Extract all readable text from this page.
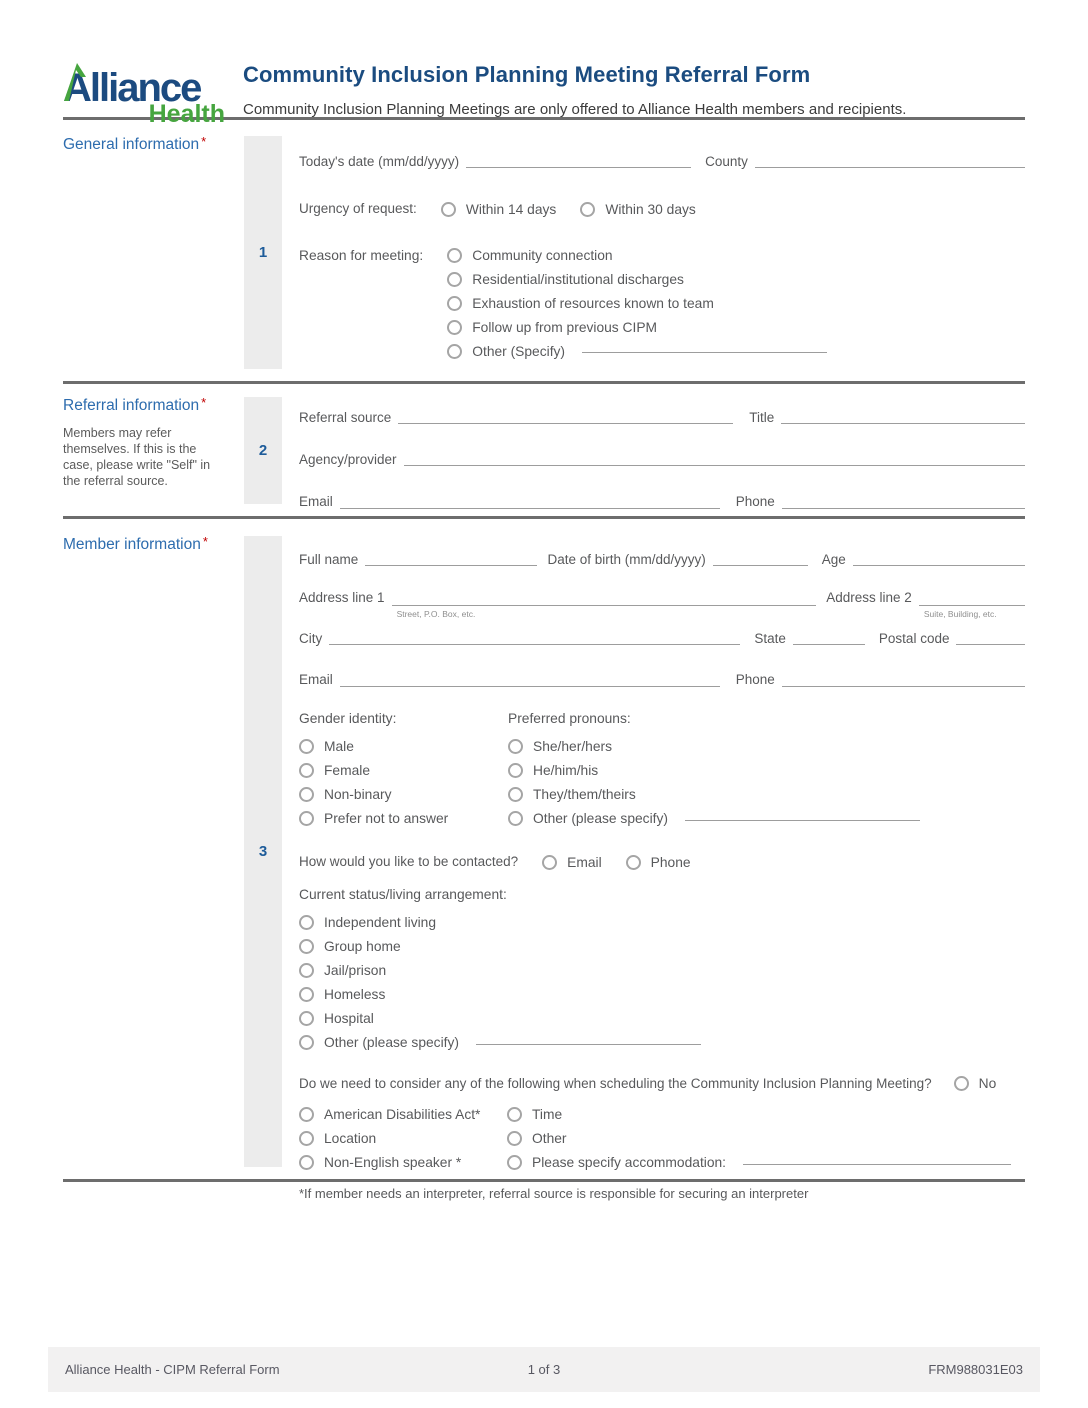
Alliance
Health
Community Inclusion Planning Meeting Referral Form
Community Inclusion Planning Meetings are only offered to Alliance Health members and recipients.
General information *
1
Today's date (mm/dd/yyyy)	County
Urgency of request:	Within 14 days	Within 30 days
Reason for meeting:	Community connection
Residential/institutional discharges
Exhaustion of resources known to team
Follow up from previous CIPM
Other (Specify)
Referral information *
Members may refer themselves. If this is the case, please write "Self" in the referral source.
2
Referral source	Title
Agency/provider
Email	Phone
Member information *
3
Full name	Date of birth (mm/dd/yyyy)	Age
Address line 1
Street, P.O. Box, etc.
Address line 2
Suite, Building, etc.
City	State	Postal code
Email	Phone
Gender identity:
Male
Female
Non-binary
Prefer not to answer
Preferred pronouns:
She/her/hers
He/him/his
They/them/theirs
Other (please specify)
How would you like to be contacted?	Email	Phone
Current status/living arrangement:
Independent living
Group home
Jail/prison
Homeless
Hospital
Other (please specify)
Do we need to consider any of the following when scheduling the Community Inclusion Planning Meeting?	No
American Disabilities Act*
Location
Non-English speaker *
Time
Other
Please specify accommodation:
*If member needs an interpreter, referral source is responsible for securing an interpreter
Alliance Health - CIPM Referral Form	1 of 3	FRM988031E03
